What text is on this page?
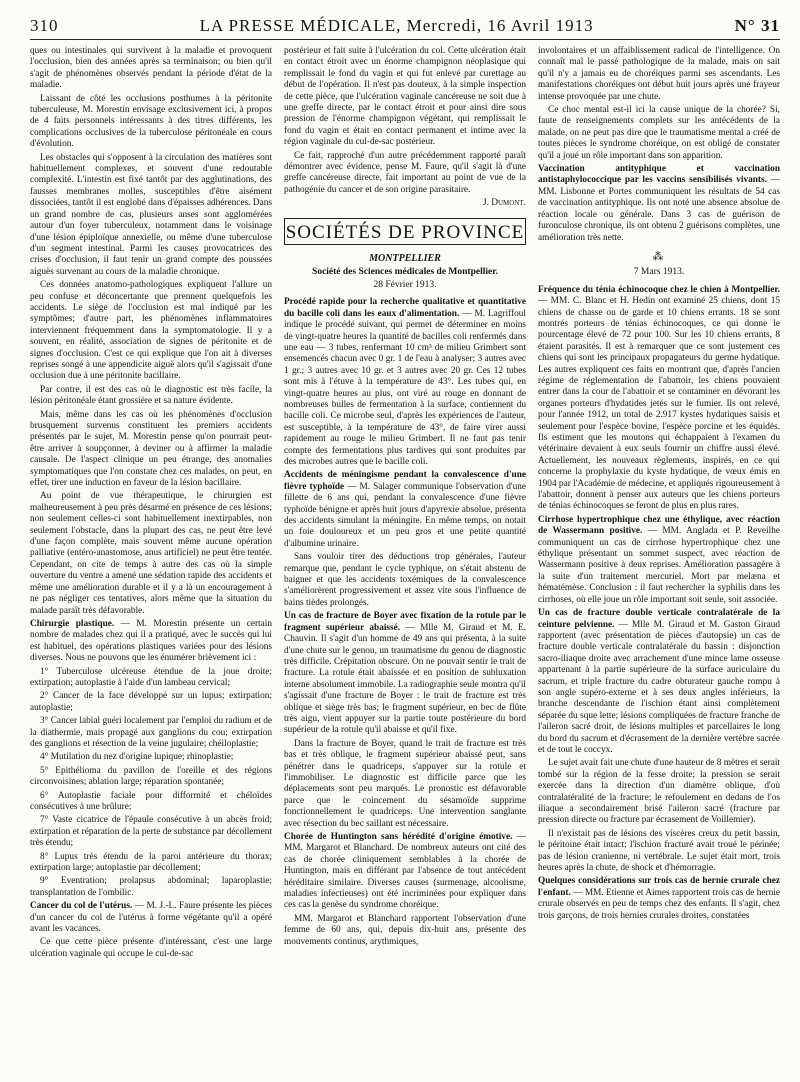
310	LA PRESSE MÉDICALE, Mercredi, 16 Avril 1913	N° 31

ques ou intestinales qui survivent à la maladie et provoquent l'occlusion, bien des années après sa terminaison; ou bien qu'il s'agit de phénomènes observés pendant la période d'état de la maladie.

Laissant de côté les occlusions posthumes à la péritonite tuberculeuse, M. Morestin envisage exclusivement ici, à propos de 4 faits personnels intéressants à des titres différents, les complications occlusives de la tuberculose péritonéale en cours d'évolution.

Les obstacles qui s'opposent à la circulation des matières sont habituellement complexes, et souvent d'une redoutable complexité. L'intestin est fixé tantôt par des agglutinations, des fausses membranes molles, susceptibles d'être aisément dissociées, tantôt il est englobé dans d'épaisses adhérences. Dans un grand nombre de cas, plusieurs anses sont agglomérées autour d'un foyer tuberculeux, notamment dans le voisinage d'une lésion épiploïque annexielle, ou même d'une tuberculose d'un segment intestinal. Parmi les causes provocatrices des crises d'occlusion, il faut tenir un grand compte des poussées aiguës survenant au cours de la maladie chronique.

Ces données anatomo-pathologiques expliquent l'allure un peu confuse et déconcertante que prennent quelquefois les accidents. Le siège de l'occlusion est mal indiqué par les symptômes; d'autre part, les phénomènes inflammatoires interviennent fréquemment dans la symptomatologie. Il y a souvent, en réalité, association de signes de péritonite et de signes d'occlusion. C'est ce qui explique que l'on ait à diverses reprises songé à une appendicite aiguë alors qu'il s'agissait d'une occlusion due à une péritonite bacillaire.

Par contre, il est des cas où le diagnostic est très facile, la lésion péritonéale étant grossière et sa nature évidente.

Mais, même dans les cas où les phénomènes d'occlusion brusquement survenus constituent les premiers accidents présentés par le sujet, M. Morestin pense qu'on pourrait peut-être arriver à soupçonner, à deviner ou à affirmer la maladie causale. De l'aspect clinique un peu étrange, des anomalies symptomatiques que l'on constate chez ces malades, on peut, en effet, tirer une induction en faveur de la lésion bacillaire.

Au point de vue thérapeutique, le chirurgien est malheureusement à peu près désarmé en présence de ces lésions; non seulement celles-ci sont habituellement inextirpables, non seulement l'obstacle, dans la plupart des cas, ne peut être levé d'une façon complète, mais souvent même aucune opération palliative (entéro-anastomose, anus artificiel) ne peut être tentée. Cependant, on cite de temps à autre des cas où la simple ouverture du ventre a amené une sédation rapide des accidents et même une amélioration durable et il y a là un encouragement à ne pas négliger ces tentatives, alors même que la situation du malade paraît très défavorable.

Chirurgie plastique. — M. Morestin présente un certain nombre de malades chez qui il a pratiqué, avec le succès qui lui est habituel, des opérations plastiques variées pour des lésions diverses. Nous ne pouvons que les énumérer brièvement ici :

1° Tuberculose ulcéreuse étendue de la joue droite; extirpation; autoplastie à l'aide d'un lambeau cervical;

2° Cancer de la face développé sur un lupus; extirpation; autoplastie;

3° Cancer labial guéri localement par l'emploi du radium et de la diathermie, mais propagé aux ganglions du cou; extirpation des ganglions et résection de la veine jugulaire; chéiloplastie;

4° Mutilation du nez d'origine lupique; rhinoplastie;

5° Epithélioma du pavillon de l'oreille et des régions circonvoisines; ablation large; réparation spontanée;

6° Autoplastie faciale pour difformité et chéloïdes consécutives à une brûlure;

7° Vaste cicatrice de l'épaule consécutive à un abcès froid; extirpation et réparation de la perte de substance par décollement très étendu;

8° Lupus très étendu de la paroi antérieure du thorax; extirpation large; autoplastie par décollement;

9° Eventration; prolapsus abdominal; laparoplastie; transplantation de l'ombilic.

Cancer du col de l'utérus. — M. J.-L. Faure présente les pièces d'un cancer du col de l'utérus à forme végétante qu'il a opéré avant les vacances.

Ce que cette pièce présente d'intéressant, c'est une large ulcération vaginale qui occupe le cul-de-sac

postérieur et fait suite à l'ulcération du col. Cette ulcération était en contact étroit avec un énorme champignon néoplasique qui remplissait le fond du vagin et qui fut enlevé par curettage au début de l'opération. Il n'est pas douteux, à la simple inspection de cette pièce, que l'ulcération vaginale cancéreuse ne soit due à une greffe directe, par le contact étroit et pour ainsi dire sous pression de l'énorme champignon végétant, qui remplissait le fond du vagin et était en contact permanent et intime avec la région vaginale du cul-de-sac postérieur.

Ce fait, rapproché d'un autre précédemment rapporté paraît démontrer avec évidence, pense M. Faure, qu'il s'agit là d'une greffe cancéreuse directe, fait important au point de vue de la pathogénie du cancer et de son origine parasitaire.

J. Dumont.
SOCIÉTÉS DE PROVINCE
MONTPELLIER
Société des Sciences médicales de Montpellier.
28 Février 1913.

Procédé rapide pour la recherche qualitative et quantitative du bacille coli dans les eaux d'alimentation. — M. Lagriffoul indique le procédé suivant, qui permet de déterminer en moins de vingt-quatre heures la quantité de bacilles coli renfermés dans une eau — 3 tubes, renfermant 10 cm³ de milieu Grimbert sont ensemencés chacun avec 0 gr. 1 de l'eau à analyser; 3 autres avec 1 gr.; 3 autres avec 10 gr. et 3 autres avec 20 gr. Ces 12 tubes sont mis à l'étuve à la température de 43°. Les tubes qui, en vingt-quatre heures au plus, ont viré au rouge en donnant de nombreuses bulles de fermentation à la surface, contiennent du bacille coli. Ce microbe seul, d'après les expériences de l'auteur, est susceptible, à la température de 43°, de faire virer aussi rapidement au rouge le milieu Grimbert. Il ne faut pas tenir compte des fermentations plus tardives qui sont produites par des microbes autres que le bacille coli.

Accidents de méningisme pendant la convalescence d'une fièvre typhoïde — M. Salager communique l'observation d'une fillette de 6 ans qui, pendant la convalescence d'une fièvre typhoïde bénigne et après huit jours d'apyrexie absolue, présenta des accidents simulant la méningite. En même temps, on notait un foie douloureux et un peu gros et une petite quantité d'albumine urinaire.

Sans vouloir tirer des déductions trop générales, l'auteur remarque que, pendant le cycle typhique, on s'était abstenu de baigner et que les accidents toxémiques de la convalescence s'améliorèrent progressivement et assez vite sous l'influence de bains tièdes prolongés.

Un cas de fracture de Boyer avec fixation de la rotule par le fragment supérieur abaissé. — Mlle M. Giraud et M. E. Chauvin. Il s'agit d'un homme de 49 ans qui présenta, à la suite d'une chute sur le genou, un traumatisme du genou de diagnostic très difficile. Crépitation obscure. On ne pouvait sentir le trait de fracture. La rotule était abaissée et en position de subluxation interne absolument immobile. La radiographie seule montra qu'il s'agissait d'une fracture de Boyer : le trait de fracture est très oblique et siège très bas; le fragment supérieur, en bec de flûte très aigu, vient appuyer sur la partie toute postérieure du bord supérieur de la rotule qu'il abaisse et qu'il fixe.

Dans la fracture de Boyer, quand le trait de fracture est très bas et très oblique, le fragment supérieur abaissé peut, sans pénétrer dans le quadriceps, s'appuyer sur la rotule et l'immobiliser. Le diagnostic est difficile parce que les déplacements sont peu marqués. Le pronostic est défavorable parce que le coincement du sésamoïde supprime fonctionnellement le quadriceps. Une intervention sanglante avec résection du bec saillant est nécessaire.

Chorée de Huntington sans hérédité d'origine émotive. — MM. Margarot et Blanchard. De nombreux auteurs ont cité des cas de chorée cliniquement semblables à la chorée de Huntington, mais en différant par l'absence de tout antécédent héréditaire similaire. Diverses causes (surmenage, alcoolisme, maladies infectieuses) ont été incriminées pour expliquer dans ces cas la genèse du syndrome choréique.

MM. Margarot et Blanchard rapportent l'observation d'une femme de 60 ans, qui, depuis dix-huit ans, présente des mouvements continus, arythmiques,

involontaires et un affaiblissement radical de l'intelligence. On connaît mal le passé pathologique de la malade, mais on sait qu'il n'y a jamais eu de choréiques parmi ses ascendants. Les manifestations choréiques ont début huit jours après une frayeur intense provoquée par une chute.

Ce choc mental est-il ici la cause unique de la chorée? Si, faute de renseignements complets sur les antécédents de la malade, on ne peut pas dire que le traumatisme mental a créé de toutes pièces le syndrome choréique, on est obligé de constater qu'il a joué un rôle important dans son apparition.

Vaccination antityphique et vaccination antistaphylococcique par les vaccins sensibilisés vivants. — MM. Lisbonne et Portes communiquent les résultats de 54 cas de vaccination antityphique. Ils ont noté une absence absolue de réaction locale ou générale. Dans 3 cas de guérison de furonculose chronique, ils ont obtenu 2 guérisons complètes, une amélioration très nette.

⁂
7 Mars 1913.

Fréquence du ténia échinocoque chez le chien à Montpellier. — MM. C. Blanc et H. Hedin ont examiné 25 chiens, dont 15 chiens de chasse ou de garde et 10 chiens errants. 18 se sont montrés porteurs de ténias échinocoques, ce qui donne le pourcentage élevé de 72 pour 100. Sur les 10 chiens errants, 8 étaient parasités. Il est à remarquer que ce sont justement ces chiens qui sont les principaux propagateurs du germe hydatique. Les autres expliquent ces faits en montrant que, d'après l'ancien régime de réglementation de l'abattoir, les chiens pouvaient entrer dans la cour de l'abattoir et se contaminer en dévorant les organes porteurs d'hydatides jetés sur le fumier. Ils ont relevé, pour l'année 1912, un total de 2.917 kystes hydatiques saisis et seulement pour l'espèce bovine, l'espèce porcine et les équidés. Ils estiment que les moutons qui échappaient à l'examen du vétérinaire devaient à eux seuls fournir un chiffre aussi élevé. Actuellement, les nouveaux règlements, inspirés, en ce qui concerne la prophylaxie du kyste hydatique, de vœux émis en 1904 par l'Académie de médecine, et appliqués rigoureusement à l'abattoir, donnent à penser aux auteurs que les chiens porteurs de ténias échinocoques se feront de plus en plus rares.

Cirrhose hypertrophique chez une éthylique, avec réaction de Wassermann positive. — MM. Anglada et P. Reveilhe communiquent un cas de cirrhose hypertrophique chez une éthylique présentant un sommet suspect, avec réaction de Wassermann positive à deux reprises. Amélioration passagère à la suite d'un traitement mercuriel. Mort par melæna et hématémèse. Conclusion : il faut rechercher la syphilis dans les cirrhoses, où elle joue un rôle important soit seule, soit associée.

Un cas de fracture double verticale contralatérale de la ceinture pelvienne. — Mlle M. Giraud et M. Gaston Giraud rapportent (avec présentation de pièces d'autopsie) un cas de fracture double verticale contralatérale du bassin : disjonction sacro-iliaque droite avec arrachement d'une mince lame osseuse appartenant à la partie supérieure de la surface auriculaire du sacrum, et triple fracture du cadre obturateur gauche rompu à son angle supéro-externe et à ses deux angles inférieurs, la branche descendante de l'ischion étant ainsi complètement séparée du sque lette; lésions compliquées de fracture franche de l'aileron sacré droit, de lésions multiples et parcellaires le long du bord du sacrum et d'écrasement de la dernière vertèbre sacrée et de tout le coccyx.

Le sujet avait fait une chute d'une hauteur de 8 mètres et serait tombé sur la région de la fesse droite; la pression se serait exercée dans la direction d'un diamètre oblique, d'où contralatéralité de la fracture; le refoulement en dedans de l'os iliaque a secondairement brisé l'aileron sacré (fracture par pression directe ou fracture par écrasement de Voillemier).

Il n'existait pas de lésions des viscères creux du petit bassin, le péritoine était intact; l'ischion fracturé avait troué le périnée; pas de lésion cranienne, ni vertébrale. Le sujet était mort, trois heures après la chute, de shock et d'hémorragie.

Quelques considérations sur trois cas de hernie crurale chez l'enfant. — MM. Etienne et Aimes rapportent trois cas de hernie crurale observés en peu de temps chez des enfants. Il s'agit, chez trois garçons, de trois hernies crurales droites, constatées
